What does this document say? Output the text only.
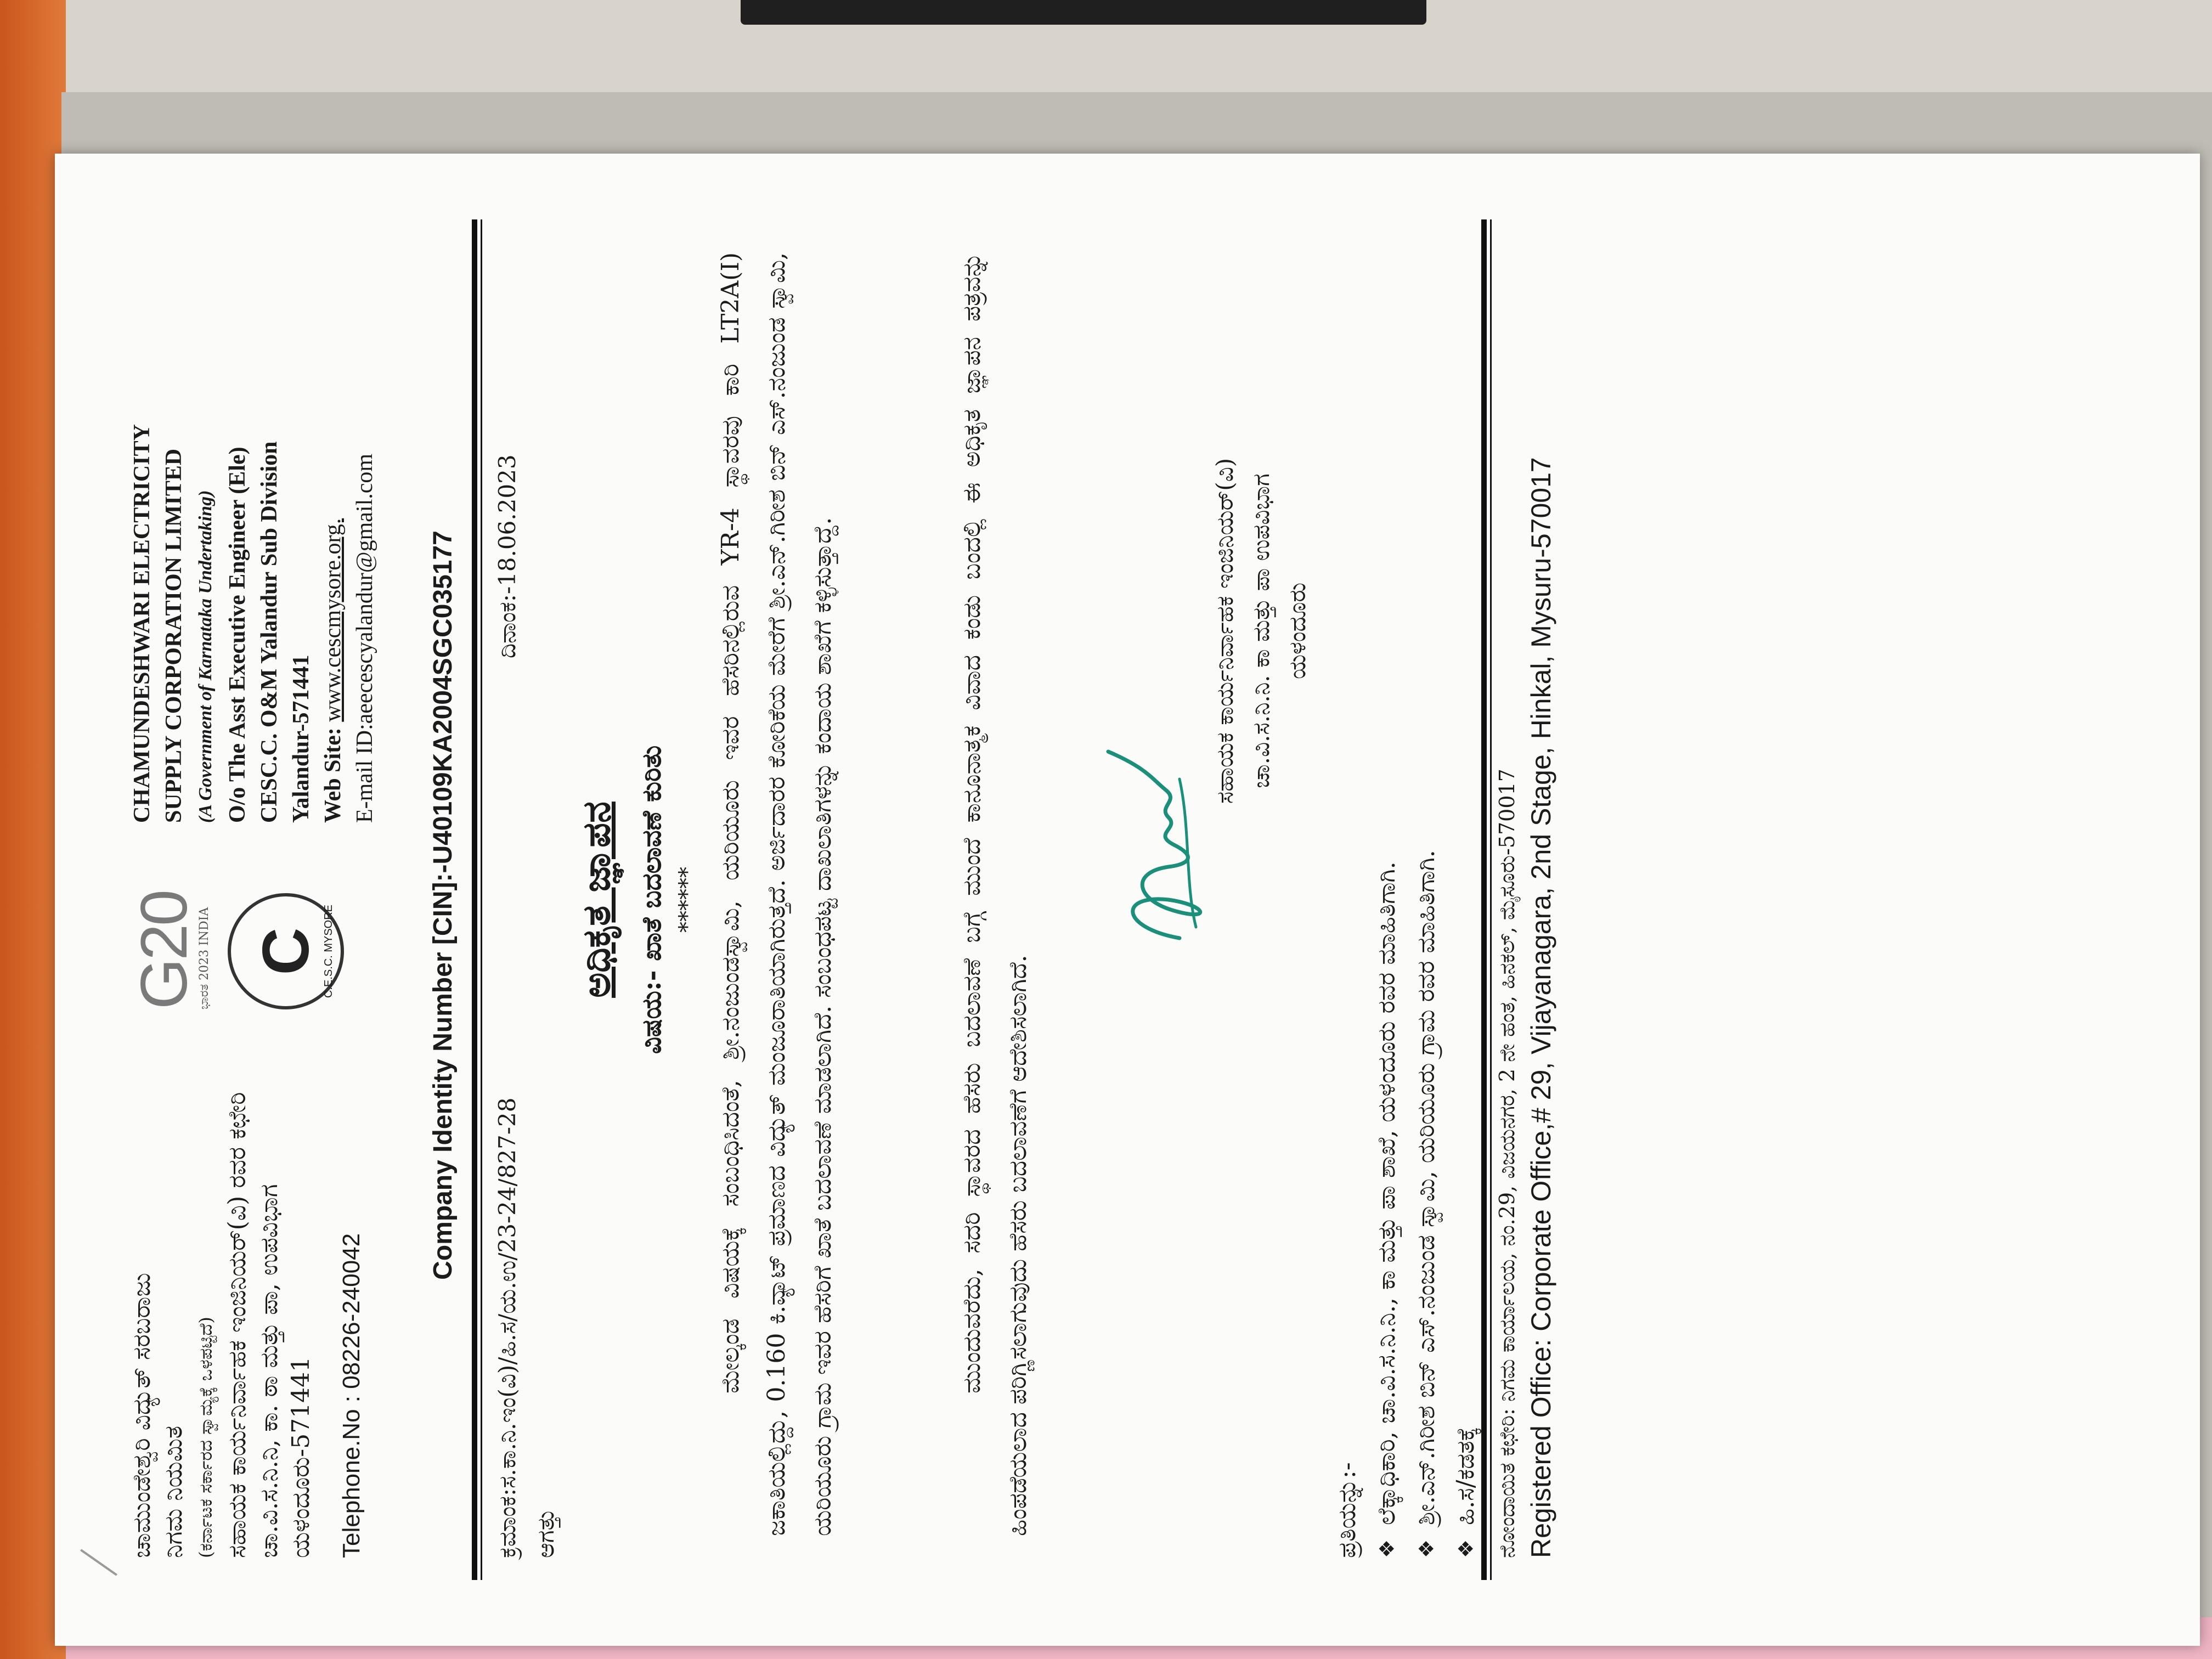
ಚಾಮುಂಡೇಶ್ವರಿ ವಿದ್ಯುತ್ ಸರಬರಾಜು ನಿಗಮ ನಿಯಮಿತ (ಕರ್ನಾಟಕ ಸರ್ಕಾರದ ಸ್ವಾಮ್ಯಕ್ಕೆ ಒಳಪಟ್ಟಿದೆ) ಸಹಾಯಕ ಕಾರ್ಯನಿರ್ವಾಹಕ ಇಂಜಿನಿಯರ್(ವಿ) ರವರ ಕಛೇರಿ ಚಾ.ವಿ.ಸ.ನಿ.ನಿ, ಕಾ. ಠಾ ಮತ್ತು ಪಾ, ಉಪವಿಭಾಗ ಯಳಂದೂರು-571441 Telephone.No : 08226-240042
G20
ಭಾರತ 2023 INDIA C C.E.S.C. MYSORE
CHAMUNDESHWARI ELECTRICITY SUPPLY CORPORATION LIMITED (A Government of Karnataka Undertaking) O/o The Asst Executive Engineer (Ele) CESC.C. O&M Yalandur Sub Division Yalandur-571441 Web Site: www.cescmysore.org. E-mail ID:aeecescyalandur@gmail.com Company Identity Number [CIN]:-U40109KA2004SGC035177
ಕ್ರಮಾಂಕ:ಸ.ಕಾ.ನಿ.ಇಂ(ವಿ)/ಹಿ.ಸ/ಯ.ಉ/23-24/827-28
ದಿನಾಂಕ:-18.06.2023
ಆಗತ್ತು
ಅಧಿಕೃತ ಜ್ಞಾಪನ ವಿಷಯ:- ಖಾತೆ ಬದಲಾವಣೆ ಕುರಿತು ****** ಮೇಲ್ಕಂಡ ವಿಷಯಕ್ಕೆ ಸಂಬಂಧಿಸಿದಂತೆ, ಶ್ರೀ.ನಂಜುಂಡಸ್ವಾಮಿ, ಯರಿಯೂರು ಇವರ ಹೆಸರಿನಲ್ಲಿರುವ YR-4 ಸ್ಥಾವರವು ಕಾರಿ LT2A(I) ಜಕಾತಿಯಲ್ಲಿದ್ದು, 0.160 ಕಿ.ವ್ಯಾಟ್ ಪ್ರಮಾಣದ ವಿದ್ಯುತ್ ಮಂಜೂರಾತಿಯಾಗಿರುತ್ತದೆ. ಅರ್ಜಿದಾರರ ಕೋರಿಕೆಯ ಮೇರೆಗೆ ಶ್ರೀ.ಎನ್.ಗಿರೀಶ ಬಿನ್ ಎಸ್.ನಂಜುಂಡ ಸ್ವಾಮಿ, ಯರಿಯೂರು ಗ್ರಾಮ ಇವರ ಹೆಸರಿಗೆ ಖಾತೆ ಬದಲಾವಣೆ ಮಾಡಲಾಗಿದೆ. ಸಂಬಂಧಪಟ್ಟ ದಾಖಲಾತಿಗಳನ್ನು ಕಂದಾಯ ಶಾಖೆಗೆ ಕಳ್ಳಿಸುತ್ತಾದ್ದೆ.	ಮುಂದುವರೆದು, ಸದರಿ ಸ್ಥಾವರದ ಹೆಸರು ಬದಲಾವಣೆ ಬಗ್ಗೆ ಮುಂದೆ ಕಾನೂನಾತ್ಮಕ ವಿವಾದ ಕಂಡು ಬಂದಲ್ಲಿ ಈ ಅಧಿಕೃತ ಜ್ಞಾಪನ ಪತ್ರವನ್ನು ಹಿಂಪಡೆಯಲಾದ ಪರಿಗ್ಣಿಸಲಾಗುವುದು ಹೆಸರು ಬದಲಾವಣೆಗೆ ಆದೇಶಿಸಲಾಗಿದೆ.
ಸಹಾಯಕ ಕಾರ್ಯನಿರ್ವಾಹಕ ಇಂಜಿನಿಯರ್(ವಿ) ಚಾ.ವಿ.ಸ.ನಿ.ನಿ. ಕಾ ಮತ್ತು ಪಾ ಉಪವಿಭಾಗ ಯಳಂದೂರು
ಪ್ರತಿಯನ್ನು:- ❖ ಲೆಕ್ಕಾಧಿಕಾರಿ, ಚಾ.ವಿ.ಸ.ನಿ.ನಿ., ಕಾ ಮತ್ತು ಪಾ ಶಾಖೆ, ಯಳಂದೂರು ರವರ ಮಾಹಿತಿಗಾಗಿ. ❖ ಶ್ರೀ.ಎನ್.ಗಿರೀಶ ಬಿನ್ ಎಸ್.ನಂಜುಂಡ ಸ್ವಾಮಿ, ಯರಿಯೂರು ಗ್ರಾಮ ರವರ ಮಾಹಿತಿಗಾಗಿ. ❖ ಹಿ.ಸ/ಕಡತಕ್ಕೆ ನೋಂದಾಯಿತ ಕಛೇರಿ: ನಿಗಮ ಕಾರ್ಯಾಲಯ, ನಂ.29, ವಿಜಯನಗರ, 2 ನೇ ಹಂತ, ಹಿನಕಲ್, ಮೈಸೂರು-570017 Registered Office: Corporate Office,# 29, Vijayanagara, 2nd Stage, Hinkal, Mysuru-570017
